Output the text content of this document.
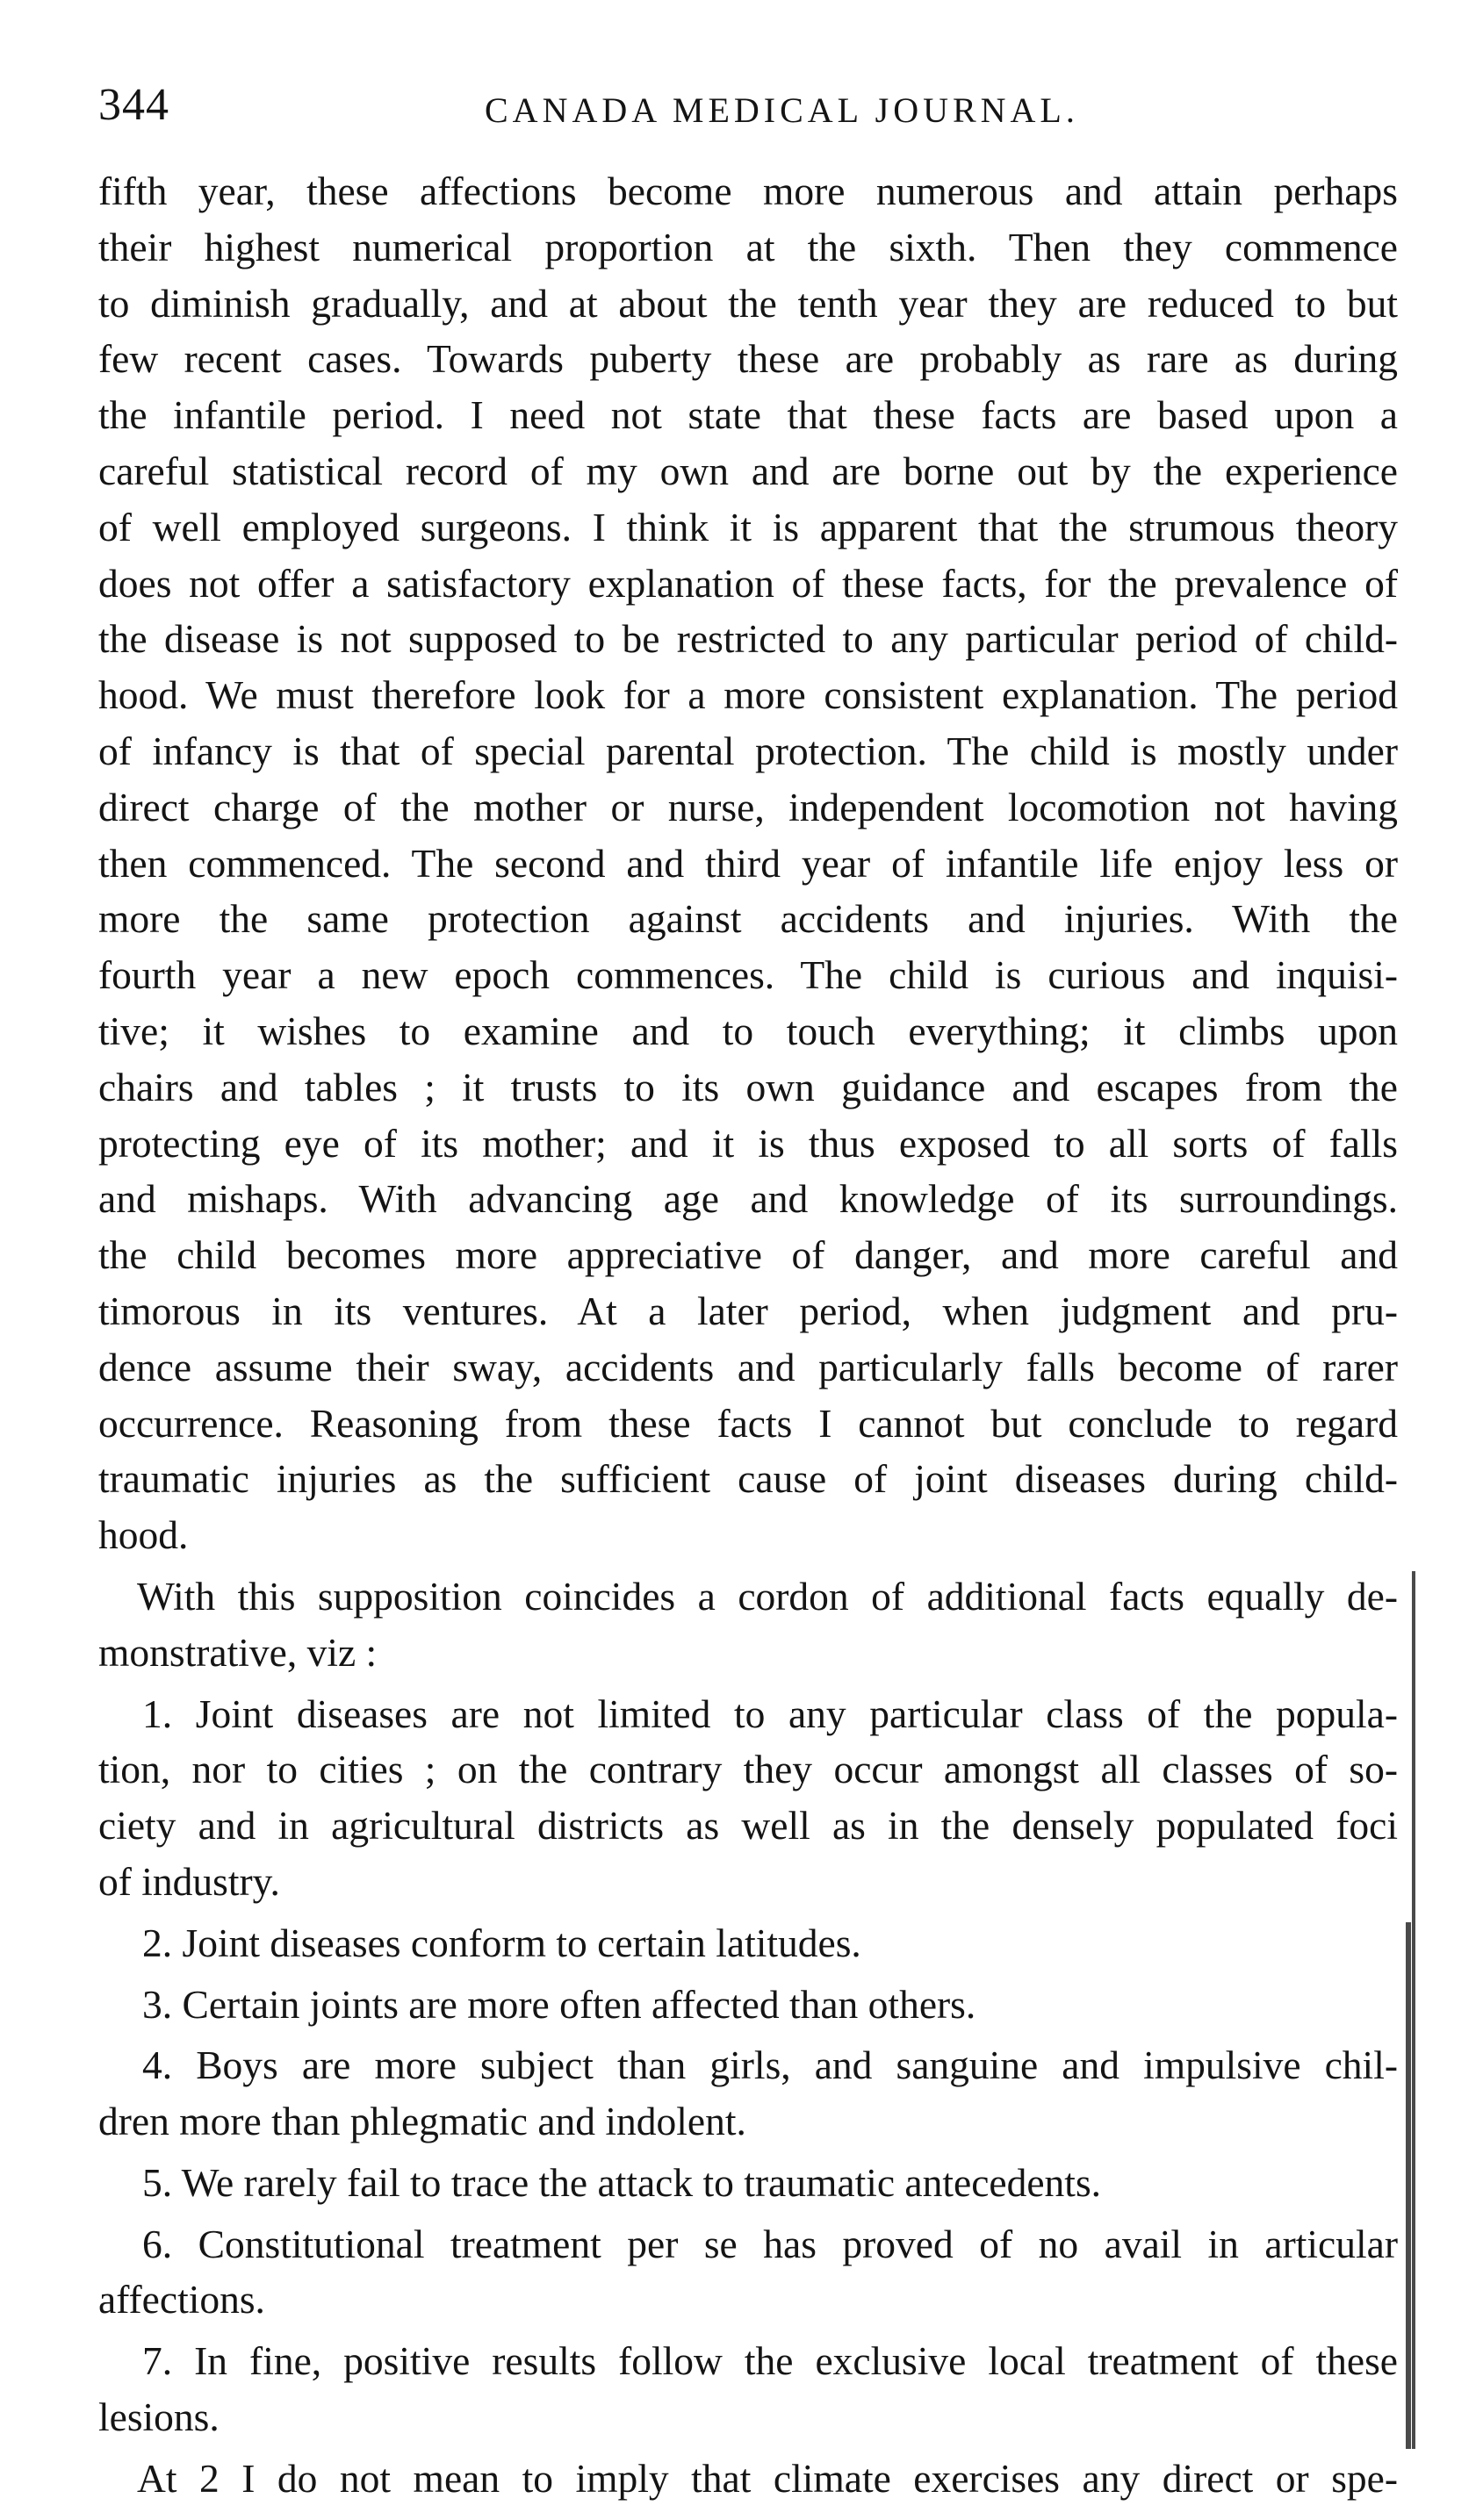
344	CANADA MEDICAL JOURNAL.
fifth year, these affections become more numerous and attain perhaps
their highest numerical proportion at the sixth. Then they commence
to diminish gradually, and at about the tenth year they are reduced to but
few recent cases. Towards puberty these are probably as rare as during
the infantile period. I need not state that these facts are based upon a
careful statistical record of my own and are borne out by the experience
of well employed surgeons. I think it is apparent that the strumous theory
does not offer a satisfactory explanation of these facts, for the prevalence of
the disease is not supposed to be restricted to any particular period of child-
hood. We must therefore look for a more consistent explanation. The period
of infancy is that of special parental protection. The child is mostly under
direct charge of the mother or nurse, independent locomotion not having
then commenced. The second and third year of infantile life enjoy less or
more the same protection against accidents and injuries. With the
fourth year a new epoch commences. The child is curious and inquisi-
tive; it wishes to examine and to touch everything; it climbs upon
chairs and tables ; it trusts to its own guidance and escapes from the
protecting eye of its mother; and it is thus exposed to all sorts of falls
and mishaps. With advancing age and knowledge of its surroundings.
the child becomes more appreciative of danger, and more careful and
timorous in its ventures. At a later period, when judgment and pru-
dence assume their sway, accidents and particularly falls become of rarer
occurrence. Reasoning from these facts I cannot but conclude to regard
traumatic injuries as the sufficient cause of joint diseases during child-
hood.
With this supposition coincides a cordon of additional facts equally de-
monstrative, viz :
1. Joint diseases are not limited to any particular class of the popula-
tion, nor to cities ; on the contrary they occur amongst all classes of so-
ciety and in agricultural districts as well as in the densely populated foci
of industry.
2. Joint diseases conform to certain latitudes.
3. Certain joints are more often affected than others.
4. Boys are more subject than girls, and sanguine and impulsive chil-
dren more than phlegmatic and indolent.
5. We rarely fail to trace the attack to traumatic antecedents.
6. Constitutional treatment per se has proved of no avail in articular
affections.
7. In fine, positive results follow the exclusive local treatment of these
lesions.
At 2 I do not mean to imply that climate exercises any direct or spe-
